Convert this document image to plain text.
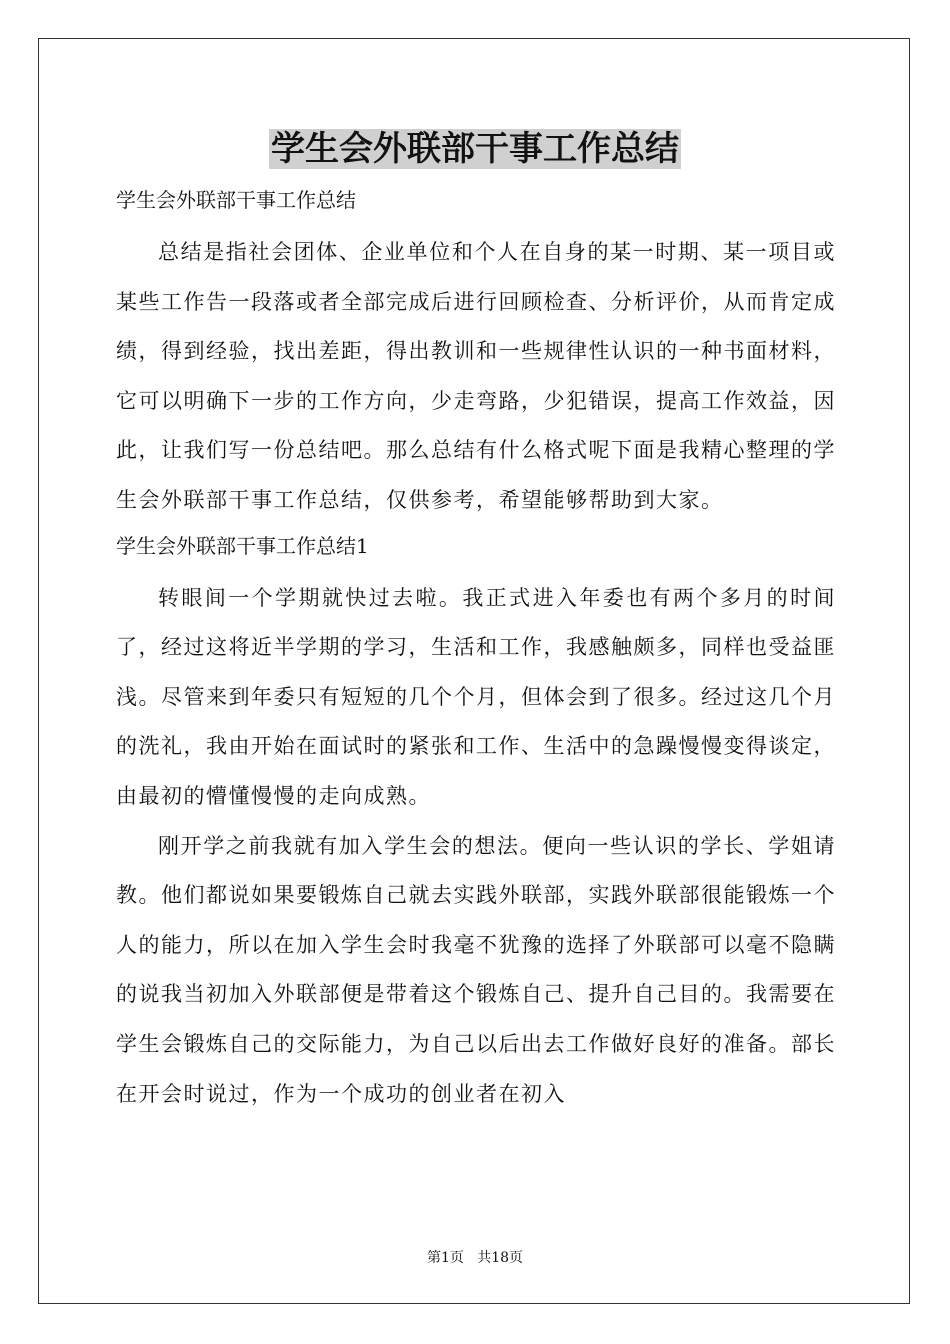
学生会外联部干事工作总结

学生会外联部干事工作总结

总结是指社会团体、企业单位和个人在自身的某一时期、某一项目或某些工作告一段落或者全部完成后进行回顾检查、分析评价，从而肯定成绩，得到经验，找出差距，得出教训和一些规律性认识的一种书面材料，它可以明确下一步的工作方向，少走弯路，少犯错误，提高工作效益，因此，让我们写一份总结吧。那么总结有什么格式呢下面是我精心整理的学生会外联部干事工作总结，仅供参考，希望能够帮助到大家。

学生会外联部干事工作总结1

转眼间一个学期就快过去啦。我正式进入年委也有两个多月的时间了，经过这将近半学期的学习，生活和工作，我感触颇多，同样也受益匪浅。尽管来到年委只有短短的几个个月，但体会到了很多。经过这几个月的洗礼，我由开始在面试时的紧张和工作、生活中的急躁慢慢变得谈定，由最初的懵懂慢慢的走向成熟。

刚开学之前我就有加入学生会的想法。便向一些认识的学长、学姐请教。他们都说如果要锻炼自己就去实践外联部，实践外联部很能锻炼一个人的能力，所以在加入学生会时我毫不犹豫的选择了外联部可以毫不隐瞒的说我当初加入外联部便是带着这个锻炼自己、提升自己目的。我需要在学生会锻炼自己的交际能力，为自己以后出去工作做好良好的准备。部长在开会时说过，作为一个成功的创业者在初入

第1页   共18页
